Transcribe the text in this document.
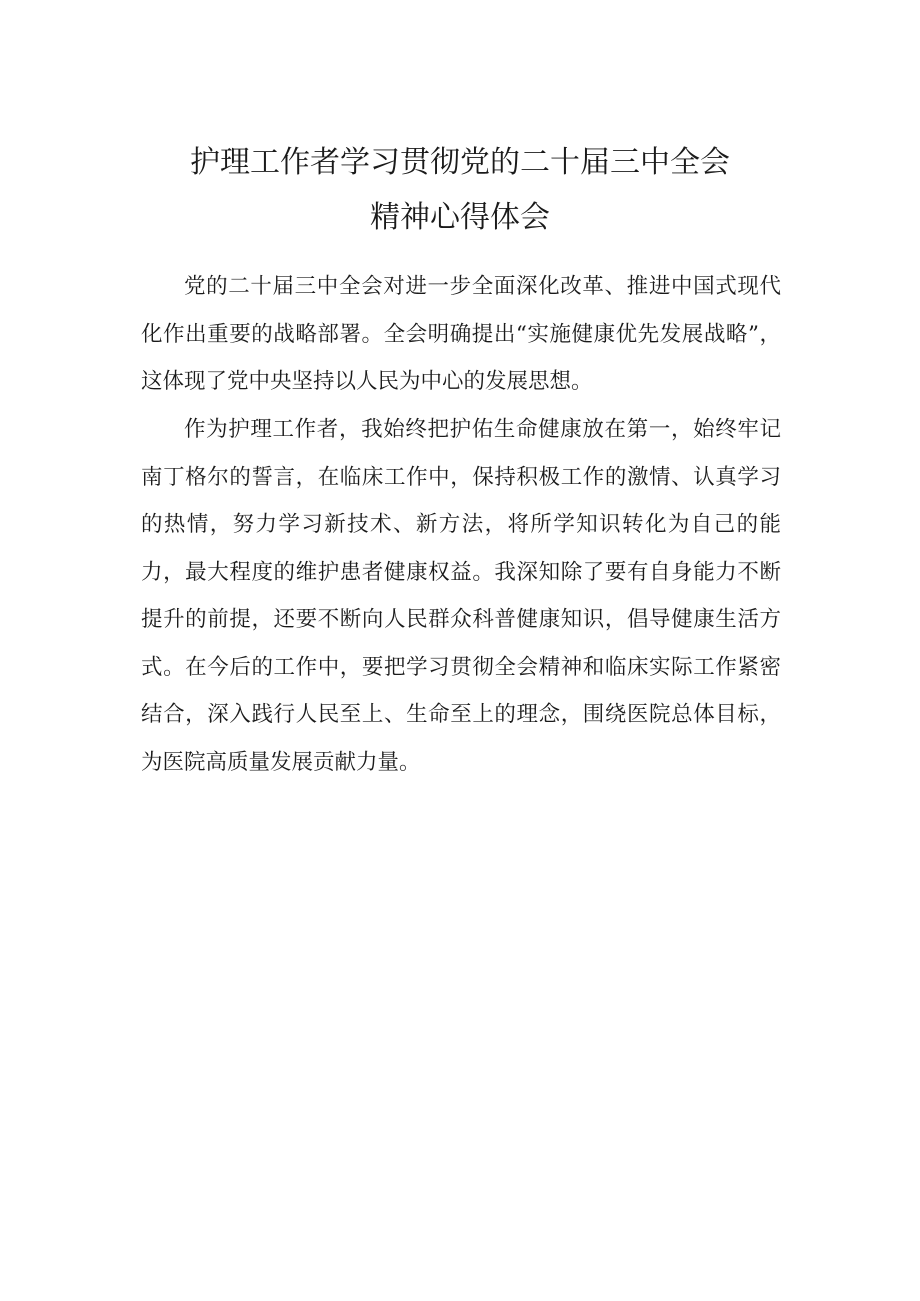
护理工作者学习贯彻党的二十届三中全会
精神心得体会

党的二十届三中全会对进一步全面深化改革、推进中国式现代化作出重要的战略部署。全会明确提出“实施健康优先发展战略”，这体现了党中央坚持以人民为中心的发展思想。

作为护理工作者，我始终把护佑生命健康放在第一，始终牢记南丁格尔的誓言，在临床工作中，保持积极工作的激情、认真学习的热情，努力学习新技术、新方法，将所学知识转化为自己的能力，最大程度的维护患者健康权益。我深知除了要有自身能力不断提升的前提，还要不断向人民群众科普健康知识，倡导健康生活方式。在今后的工作中，要把学习贯彻全会精神和临床实际工作紧密结合，深入践行人民至上、生命至上的理念，围绕医院总体目标，为医院高质量发展贡献力量。
